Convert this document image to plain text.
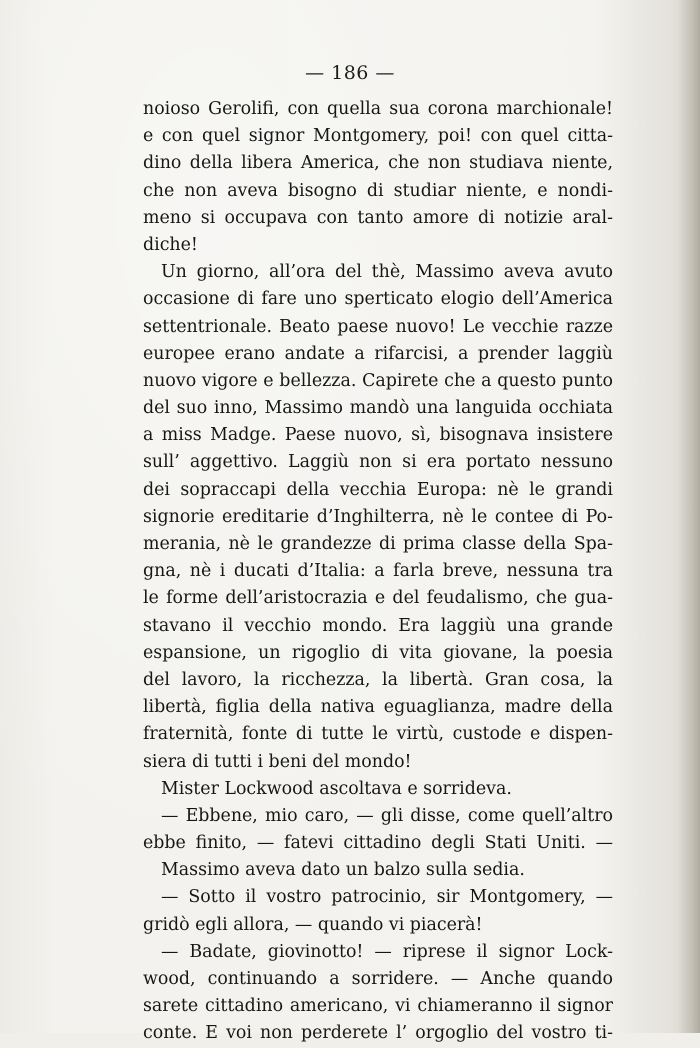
— 186 —
noioso Gerolifi, con quella sua corona marchionale!
e con quel signor Montgomery, poi! con quel citta-
dino della libera America, che non studiava niente,
che non aveva bisogno di studiar niente, e nondi-
meno si occupava con tanto amore di notizie aral-
diche!
Un giorno, all’ora del thè, Massimo aveva avuto
occasione di fare uno sperticato elogio dell’America
settentrionale. Beato paese nuovo! Le vecchie razze
europee erano andate a rifarcisi, a prender laggiù
nuovo vigore e bellezza. Capirete che a questo punto
del suo inno, Massimo mandò una languida occhiata
a miss Madge. Paese nuovo, sì, bisognava insistere
sull’ aggettivo. Laggiù non si era portato nessuno
dei sopraccapi della vecchia Europa: nè le grandi
signorie ereditarie d’Inghilterra, nè le contee di Po-
merania, nè le grandezze di prima classe della Spa-
gna, nè i ducati d’Italia: a farla breve, nessuna tra
le forme dell’aristocrazia e del feudalismo, che gua-
stavano il vecchio mondo. Era laggiù una grande
espansione, un rigoglio di vita giovane, la poesia
del lavoro, la ricchezza, la libertà. Gran cosa, la
libertà, figlia della nativa eguaglianza, madre della
fraternità, fonte di tutte le virtù, custode e dispen-
siera di tutti i beni del mondo!
Mister Lockwood ascoltava e sorrideva.
— Ebbene, mio caro, — gli disse, come quell’altro
ebbe finito, — fatevi cittadino degli Stati Uniti. —
Massimo aveva dato un balzo sulla sedia.
— Sotto il vostro patrocinio, sir Montgomery, —
gridò egli allora, — quando vi piacerà!
— Badate, giovinotto! — riprese il signor Lock-
wood, continuando a sorridere. — Anche quando
sarete cittadino americano, vi chiameranno il signor
conte. E voi non perderete l’ orgoglio del vostro ti-
